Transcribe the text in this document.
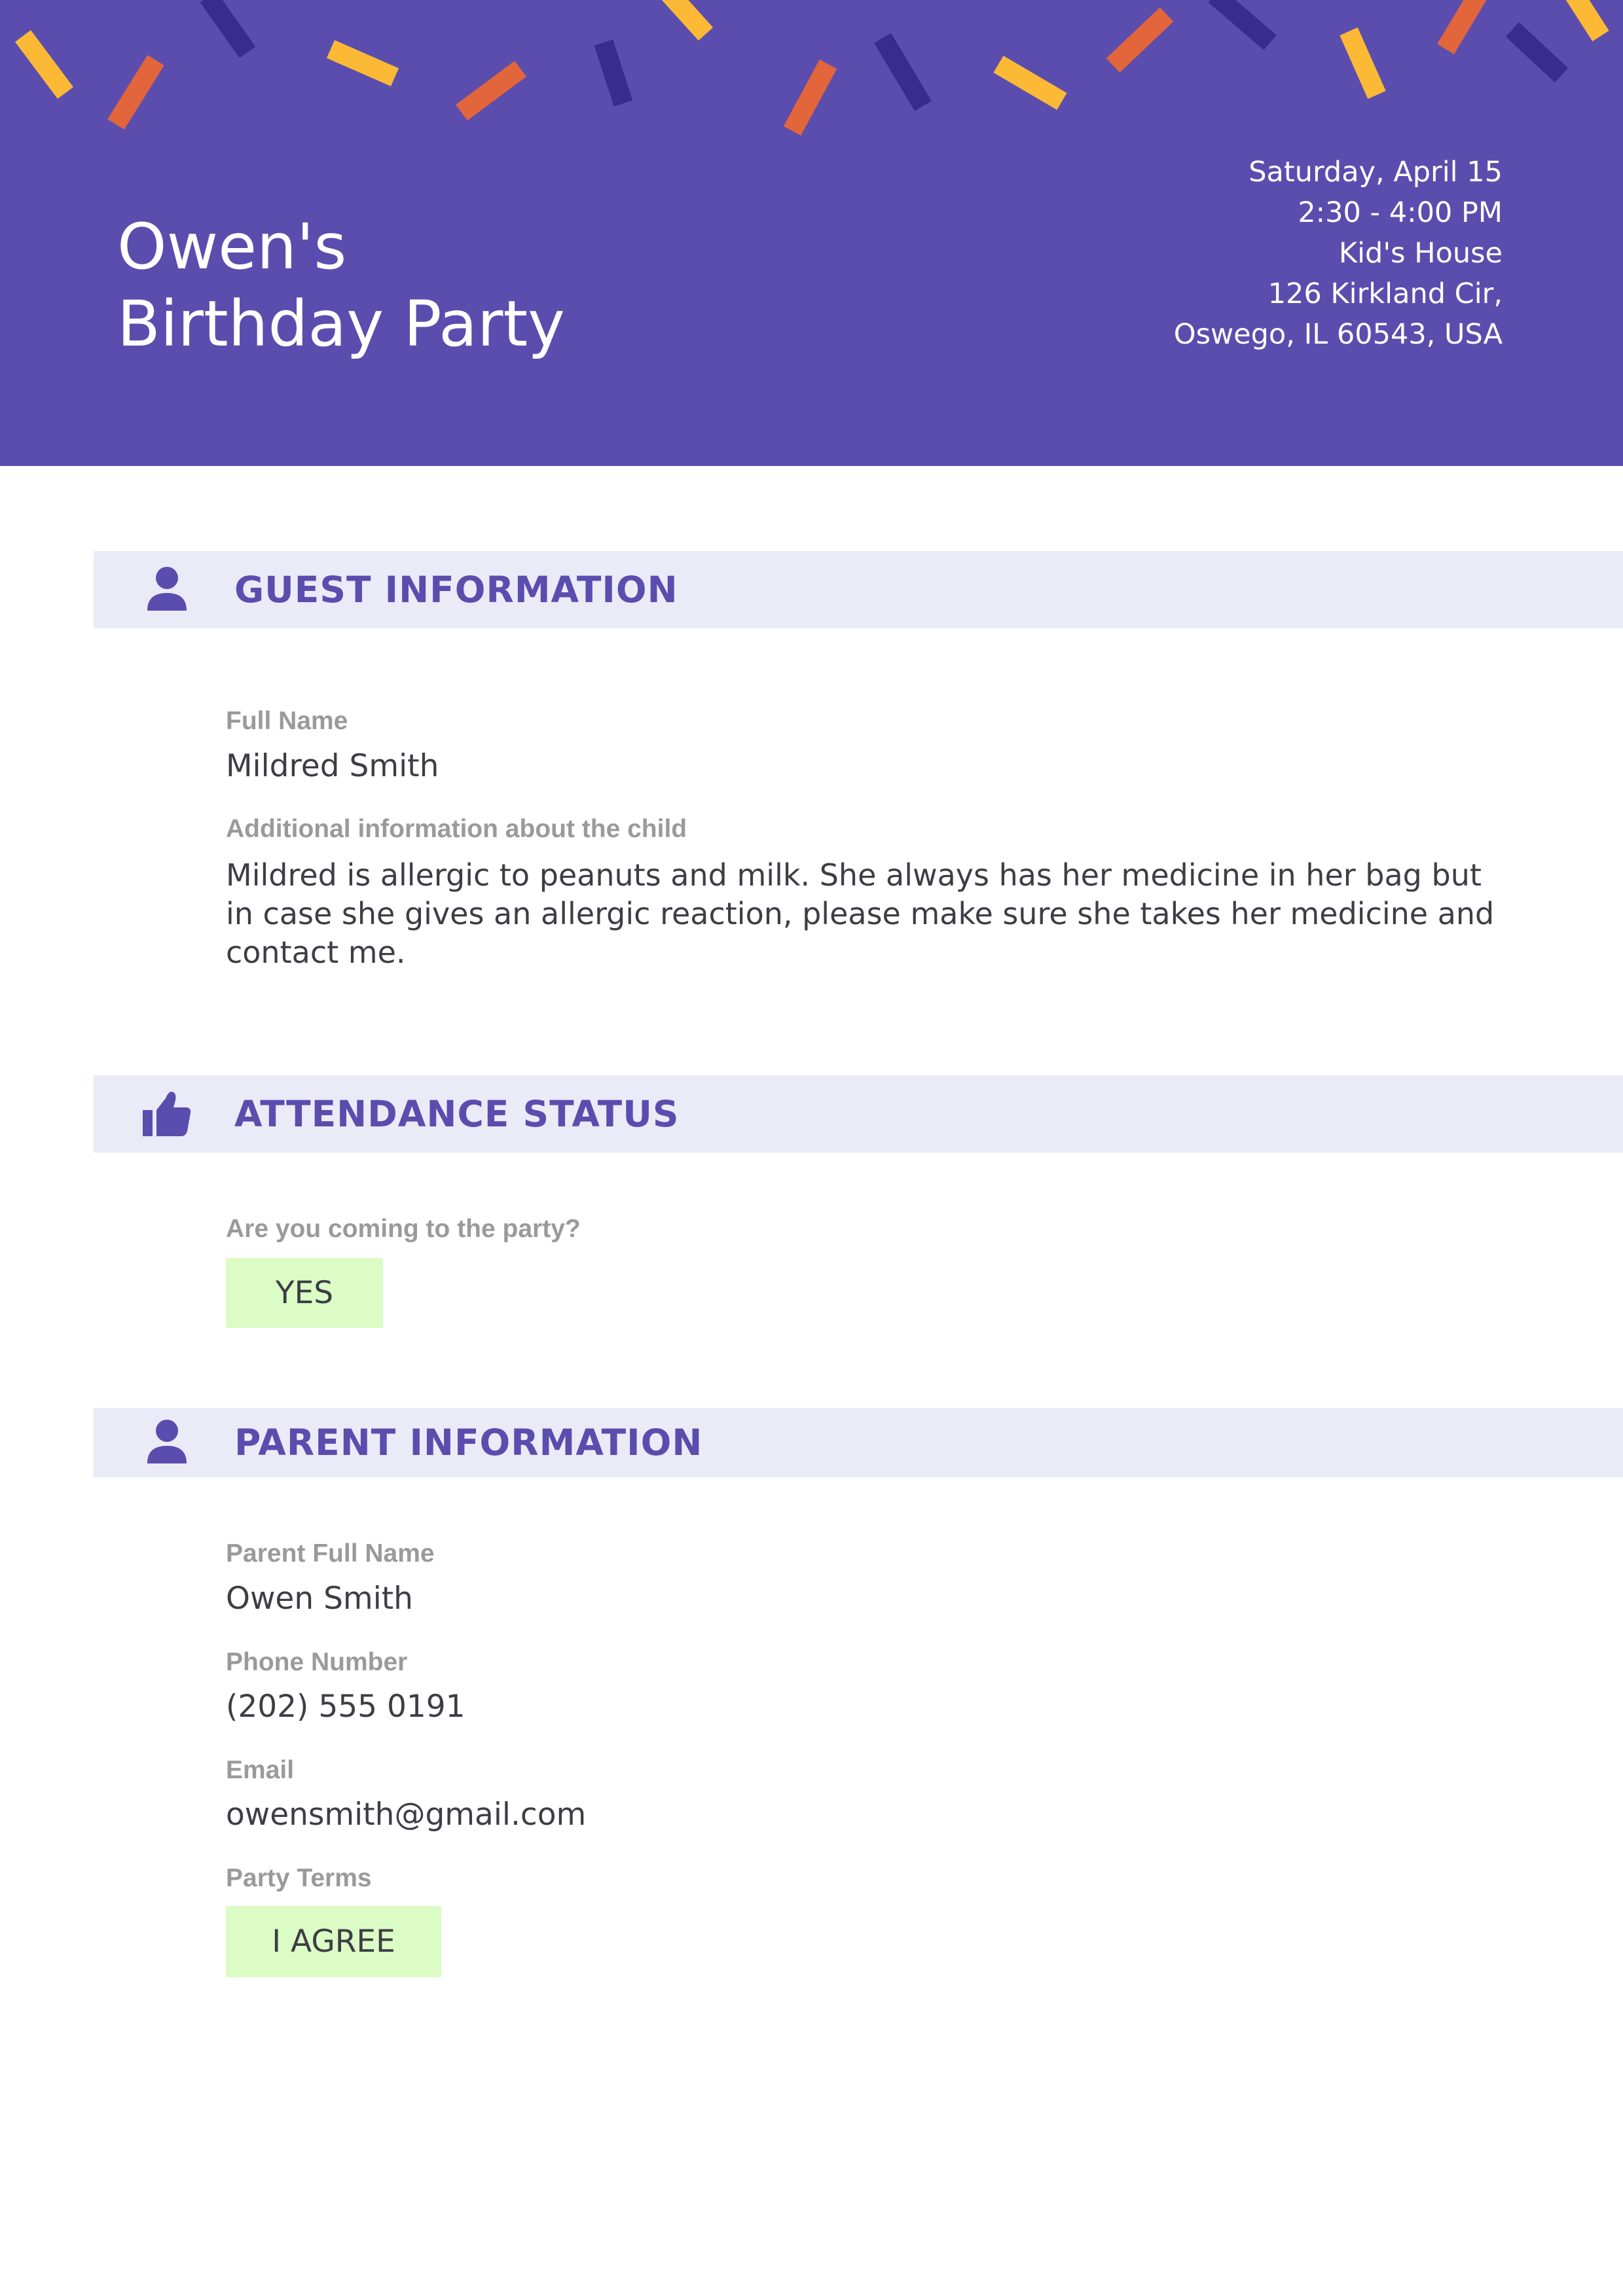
Owen's
Birthday Party
Saturday, April 15
2:30 - 4:00 PM
Kid's House
126 Kirkland Cir,
Oswego, IL 60543, USA
GUEST INFORMATION
Full Name
Mildred Smith
Additional information about the child
Mildred is allergic to peanuts and milk. She always has her medicine in her bag but in case she gives an allergic reaction, please make sure she takes her medicine and contact me.
ATTENDANCE STATUS
Are you coming to the party?
YES
PARENT INFORMATION
Parent Full Name
Owen Smith
Phone Number
(202) 555 0191
Email
owensmith@gmail.com
Party Terms
I AGREE
